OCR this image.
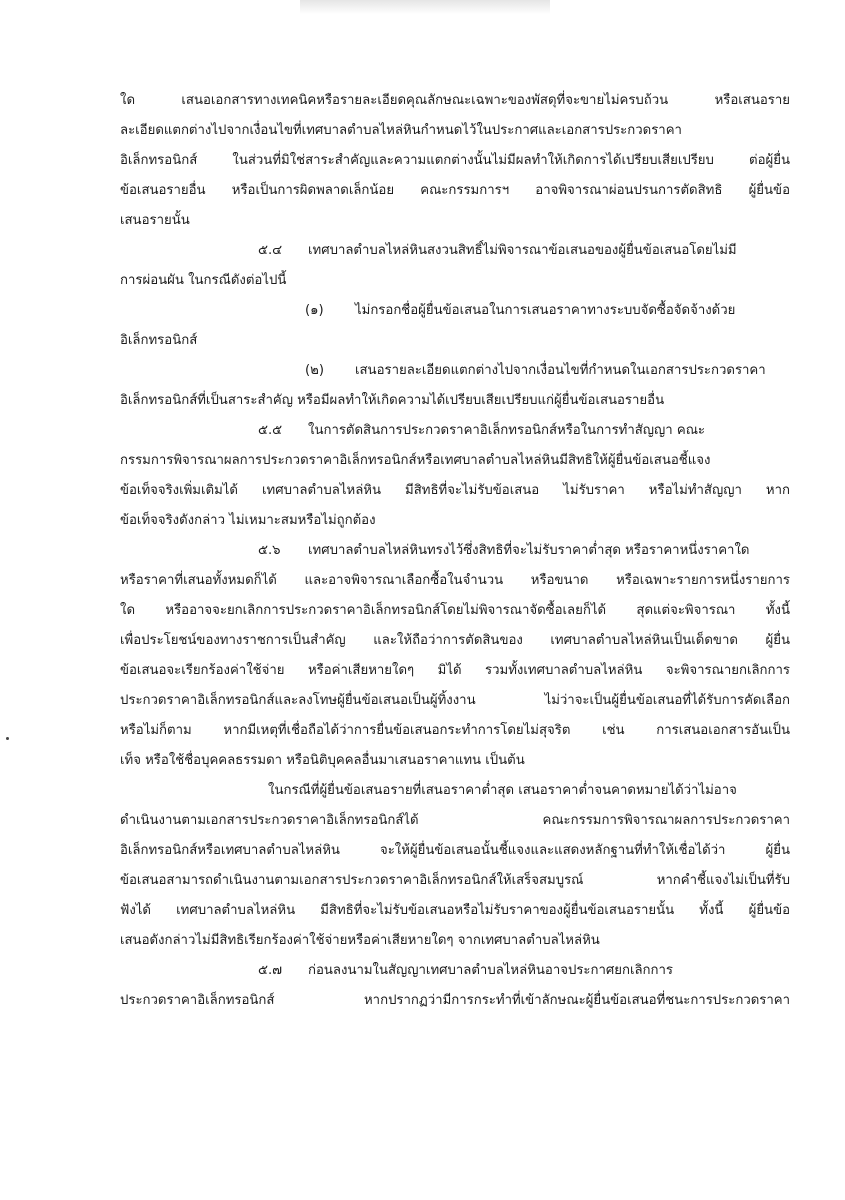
ใด เสนอเอกสารทางเทคนิคหรือรายละเอียดคุณลักษณะเฉพาะของพัสดุที่จะขายไม่ครบถ้วน หรือเสนอราย
ละเอียดแตกต่างไปจากเงื่อนไขที่เทศบาลตำบลไหล่หินกำหนดไว้ในประกาศและเอกสารประกวดราคา
อิเล็กทรอนิกส์ ในส่วนที่มิใช่สาระสำคัญและความแตกต่างนั้นไม่มีผลทำให้เกิดการได้เปรียบเสียเปรียบ ต่อผู้ยื่น
ข้อเสนอรายอื่น หรือเป็นการผิดพลาดเล็กน้อย คณะกรรมการฯ อาจพิจารณาผ่อนปรนการตัดสิทธิ ผู้ยื่นข้อ
เสนอรายนั้น
๕.๔ เทศบาลตำบลไหล่หินสงวนสิทธิ์ไม่พิจารณาข้อเสนอของผู้ยื่นข้อเสนอโดยไม่มี
การผ่อนผัน ในกรณีดังต่อไปนี้
(๑) ไม่กรอกชื่อผู้ยื่นข้อเสนอในการเสนอราคาทางระบบจัดซื้อจัดจ้างด้วย
อิเล็กทรอนิกส์
(๒) เสนอรายละเอียดแตกต่างไปจากเงื่อนไขที่กำหนดในเอกสารประกวดราคา
อิเล็กทรอนิกส์ที่เป็นสาระสำคัญ หรือมีผลทำให้เกิดความได้เปรียบเสียเปรียบแก่ผู้ยื่นข้อเสนอรายอื่น
๕.๕ ในการตัดสินการประกวดราคาอิเล็กทรอนิกส์หรือในการทำสัญญา คณะ
กรรมการพิจารณาผลการประกวดราคาอิเล็กทรอนิกส์หรือเทศบาลตำบลไหล่หินมีสิทธิให้ผู้ยื่นข้อเสนอชี้แจง
ข้อเท็จจริงเพิ่มเติมได้ เทศบาลตำบลไหล่หิน มีสิทธิที่จะไม่รับข้อเสนอ ไม่รับราคา หรือไม่ทำสัญญา หาก
ข้อเท็จจริงดังกล่าว ไม่เหมาะสมหรือไม่ถูกต้อง
๕.๖ เทศบาลตำบลไหล่หินทรงไว้ซึ่งสิทธิที่จะไม่รับราคาต่ำสุด หรือราคาหนึ่งราคาใด
หรือราคาที่เสนอทั้งหมดก็ได้ และอาจพิจารณาเลือกซื้อในจำนวน หรือขนาด หรือเฉพาะรายการหนึ่งรายการ
ใด หรืออาจจะยกเลิกการประกวดราคาอิเล็กทรอนิกส์โดยไม่พิจารณาจัดซื้อเลยก็ได้ สุดแต่จะพิจารณา ทั้งนี้
เพื่อประโยชน์ของทางราชการเป็นสำคัญ และให้ถือว่าการตัดสินของ เทศบาลตำบลไหล่หินเป็นเด็ดขาด ผู้ยื่น
ข้อเสนอจะเรียกร้องค่าใช้จ่าย หรือค่าเสียหายใดๆ มิได้ รวมทั้งเทศบาลตำบลไหล่หิน จะพิจารณายกเลิกการ
ประกวดราคาอิเล็กทรอนิกส์และลงโทษผู้ยื่นข้อเสนอเป็นผู้ทิ้งงาน ไม่ว่าจะเป็นผู้ยื่นข้อเสนอที่ได้รับการคัดเลือก
หรือไม่ก็ตาม หากมีเหตุที่เชื่อถือได้ว่าการยื่นข้อเสนอกระทำการโดยไม่สุจริต เช่น การเสนอเอกสารอันเป็น
เท็จ หรือใช้ชื่อบุคคลธรรมดา หรือนิติบุคคลอื่นมาเสนอราคาแทน เป็นต้น
ในกรณีที่ผู้ยื่นข้อเสนอรายที่เสนอราคาต่ำสุด เสนอราคาต่ำจนคาดหมายได้ว่าไม่อาจ
ดำเนินงานตามเอกสารประกวดราคาอิเล็กทรอนิกส์ได้ คณะกรรมการพิจารณาผลการประกวดราคา
อิเล็กทรอนิกส์หรือเทศบาลตำบลไหล่หิน จะให้ผู้ยื่นข้อเสนอนั้นชี้แจงและแสดงหลักฐานที่ทำให้เชื่อได้ว่า ผู้ยื่น
ข้อเสนอสามารถดำเนินงานตามเอกสารประกวดราคาอิเล็กทรอนิกส์ให้เสร็จสมบูรณ์ หากคำชี้แจงไม่เป็นที่รับ
ฟังได้ เทศบาลตำบลไหล่หิน มีสิทธิที่จะไม่รับข้อเสนอหรือไม่รับราคาของผู้ยื่นข้อเสนอรายนั้น ทั้งนี้ ผู้ยื่นข้อ
เสนอดังกล่าวไม่มีสิทธิเรียกร้องค่าใช้จ่ายหรือค่าเสียหายใดๆ จากเทศบาลตำบลไหล่หิน
๕.๗ ก่อนลงนามในสัญญาเทศบาลตำบลไหล่หินอาจประกาศยกเลิกการ
ประกวดราคาอิเล็กทรอนิกส์ หากปรากฏว่ามีการกระทำที่เข้าลักษณะผู้ยื่นข้อเสนอที่ชนะการประกวดราคา
